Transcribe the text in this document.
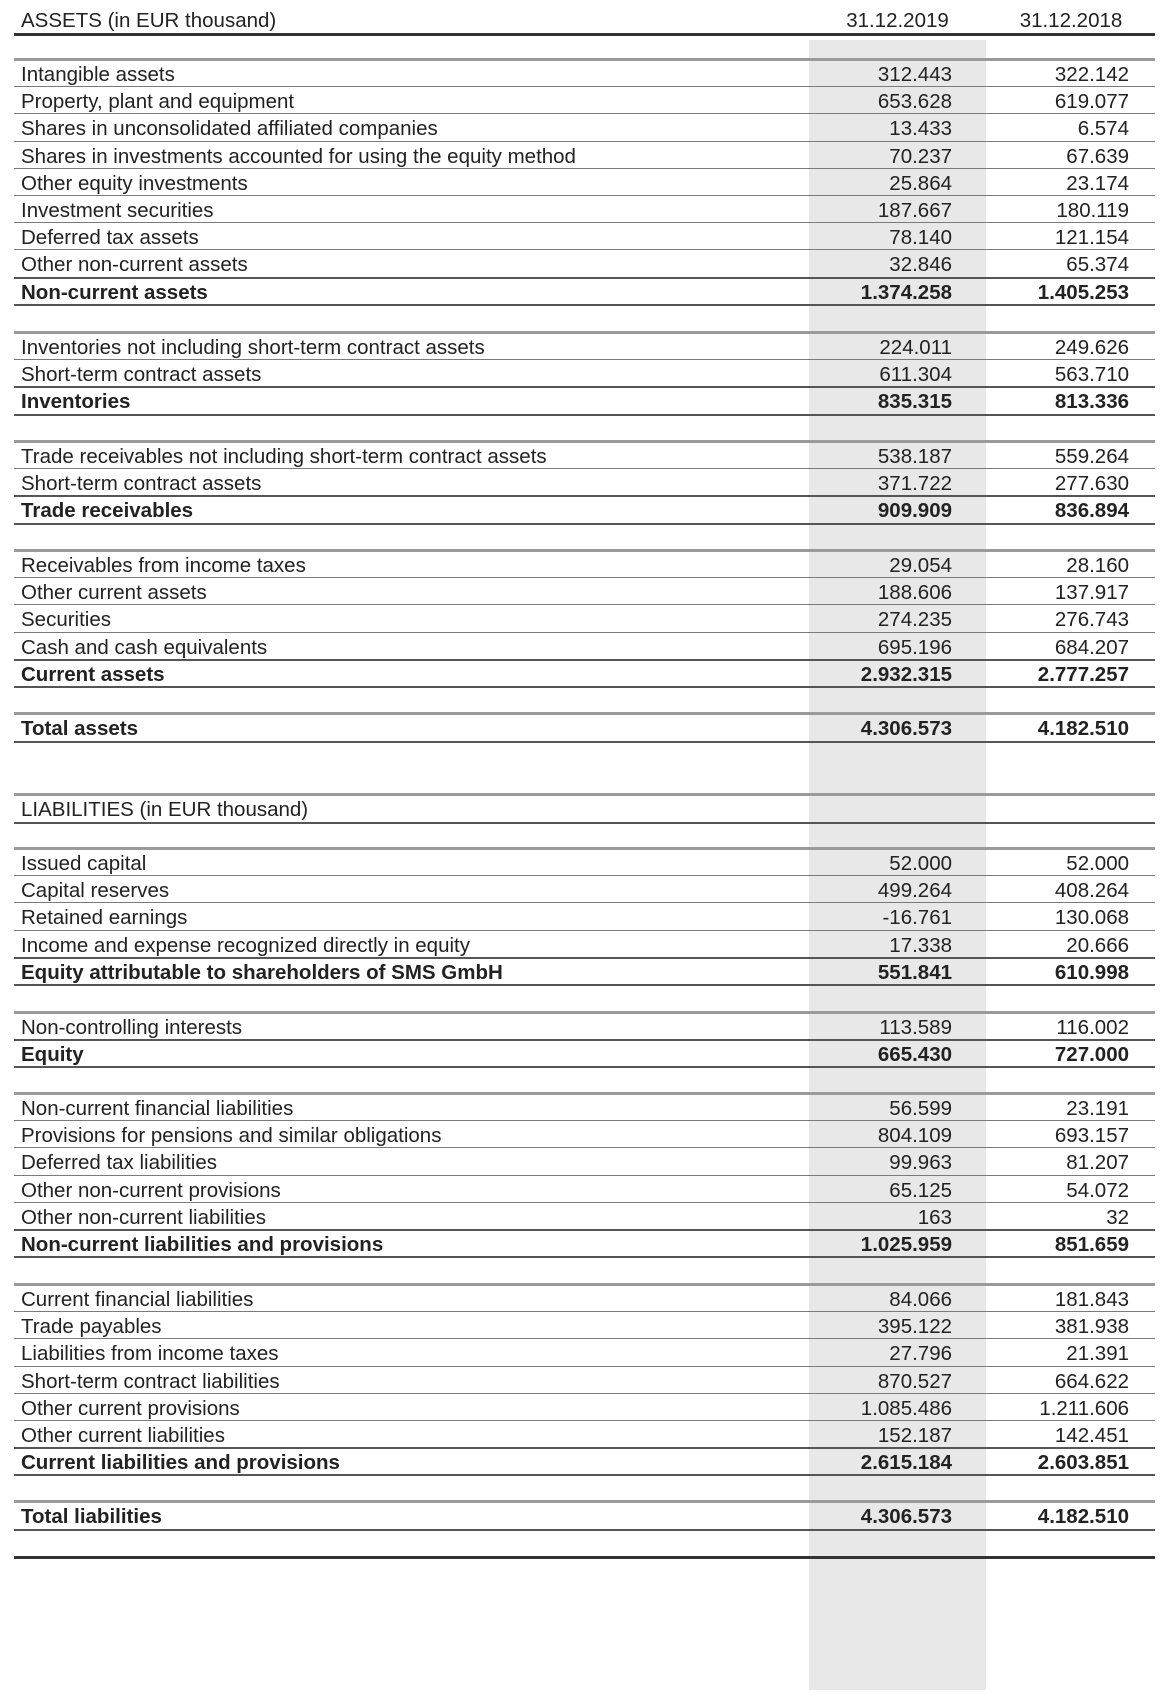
ASSETS (in EUR thousand)	31.12.2019	31.12.2018
Intangible assets	312.443	322.142
Property, plant and equipment	653.628	619.077
Shares in unconsolidated affiliated companies	13.433	6.574
Shares in investments accounted for using the equity method	70.237	67.639
Other equity investments	25.864	23.174
Investment securities	187.667	180.119
Deferred tax assets	78.140	121.154
Other non-current assets	32.846	65.374
Non-current assets	1.374.258	1.405.253
Inventories not including short-term contract assets	224.011	249.626
Short-term contract assets	611.304	563.710
Inventories	835.315	813.336
Trade receivables not including short-term contract assets	538.187	559.264
Short-term contract assets	371.722	277.630
Trade receivables	909.909	836.894
Receivables from income taxes	29.054	28.160
Other current assets	188.606	137.917
Securities	274.235	276.743
Cash and cash equivalents	695.196	684.207
Current assets	2.932.315	2.777.257
Total assets	4.306.573	4.182.510
LIABILITIES (in EUR thousand)
Issued capital	52.000	52.000
Capital reserves	499.264	408.264
Retained earnings	-16.761	130.068
Income and expense recognized directly in equity	17.338	20.666
Equity attributable to shareholders of SMS GmbH	551.841	610.998
Non-controlling interests	113.589	116.002
Equity	665.430	727.000
Non-current financial liabilities	56.599	23.191
Provisions for pensions and similar obligations	804.109	693.157
Deferred tax liabilities	99.963	81.207
Other non-current provisions	65.125	54.072
Other non-current liabilities	163	32
Non-current liabilities and provisions	1.025.959	851.659
Current financial liabilities	84.066	181.843
Trade payables	395.122	381.938
Liabilities from income taxes	27.796	21.391
Short-term contract liabilities	870.527	664.622
Other current provisions	1.085.486	1.211.606
Other current liabilities	152.187	142.451
Current liabilities and provisions	2.615.184	2.603.851
Total liabilities	4.306.573	4.182.510
